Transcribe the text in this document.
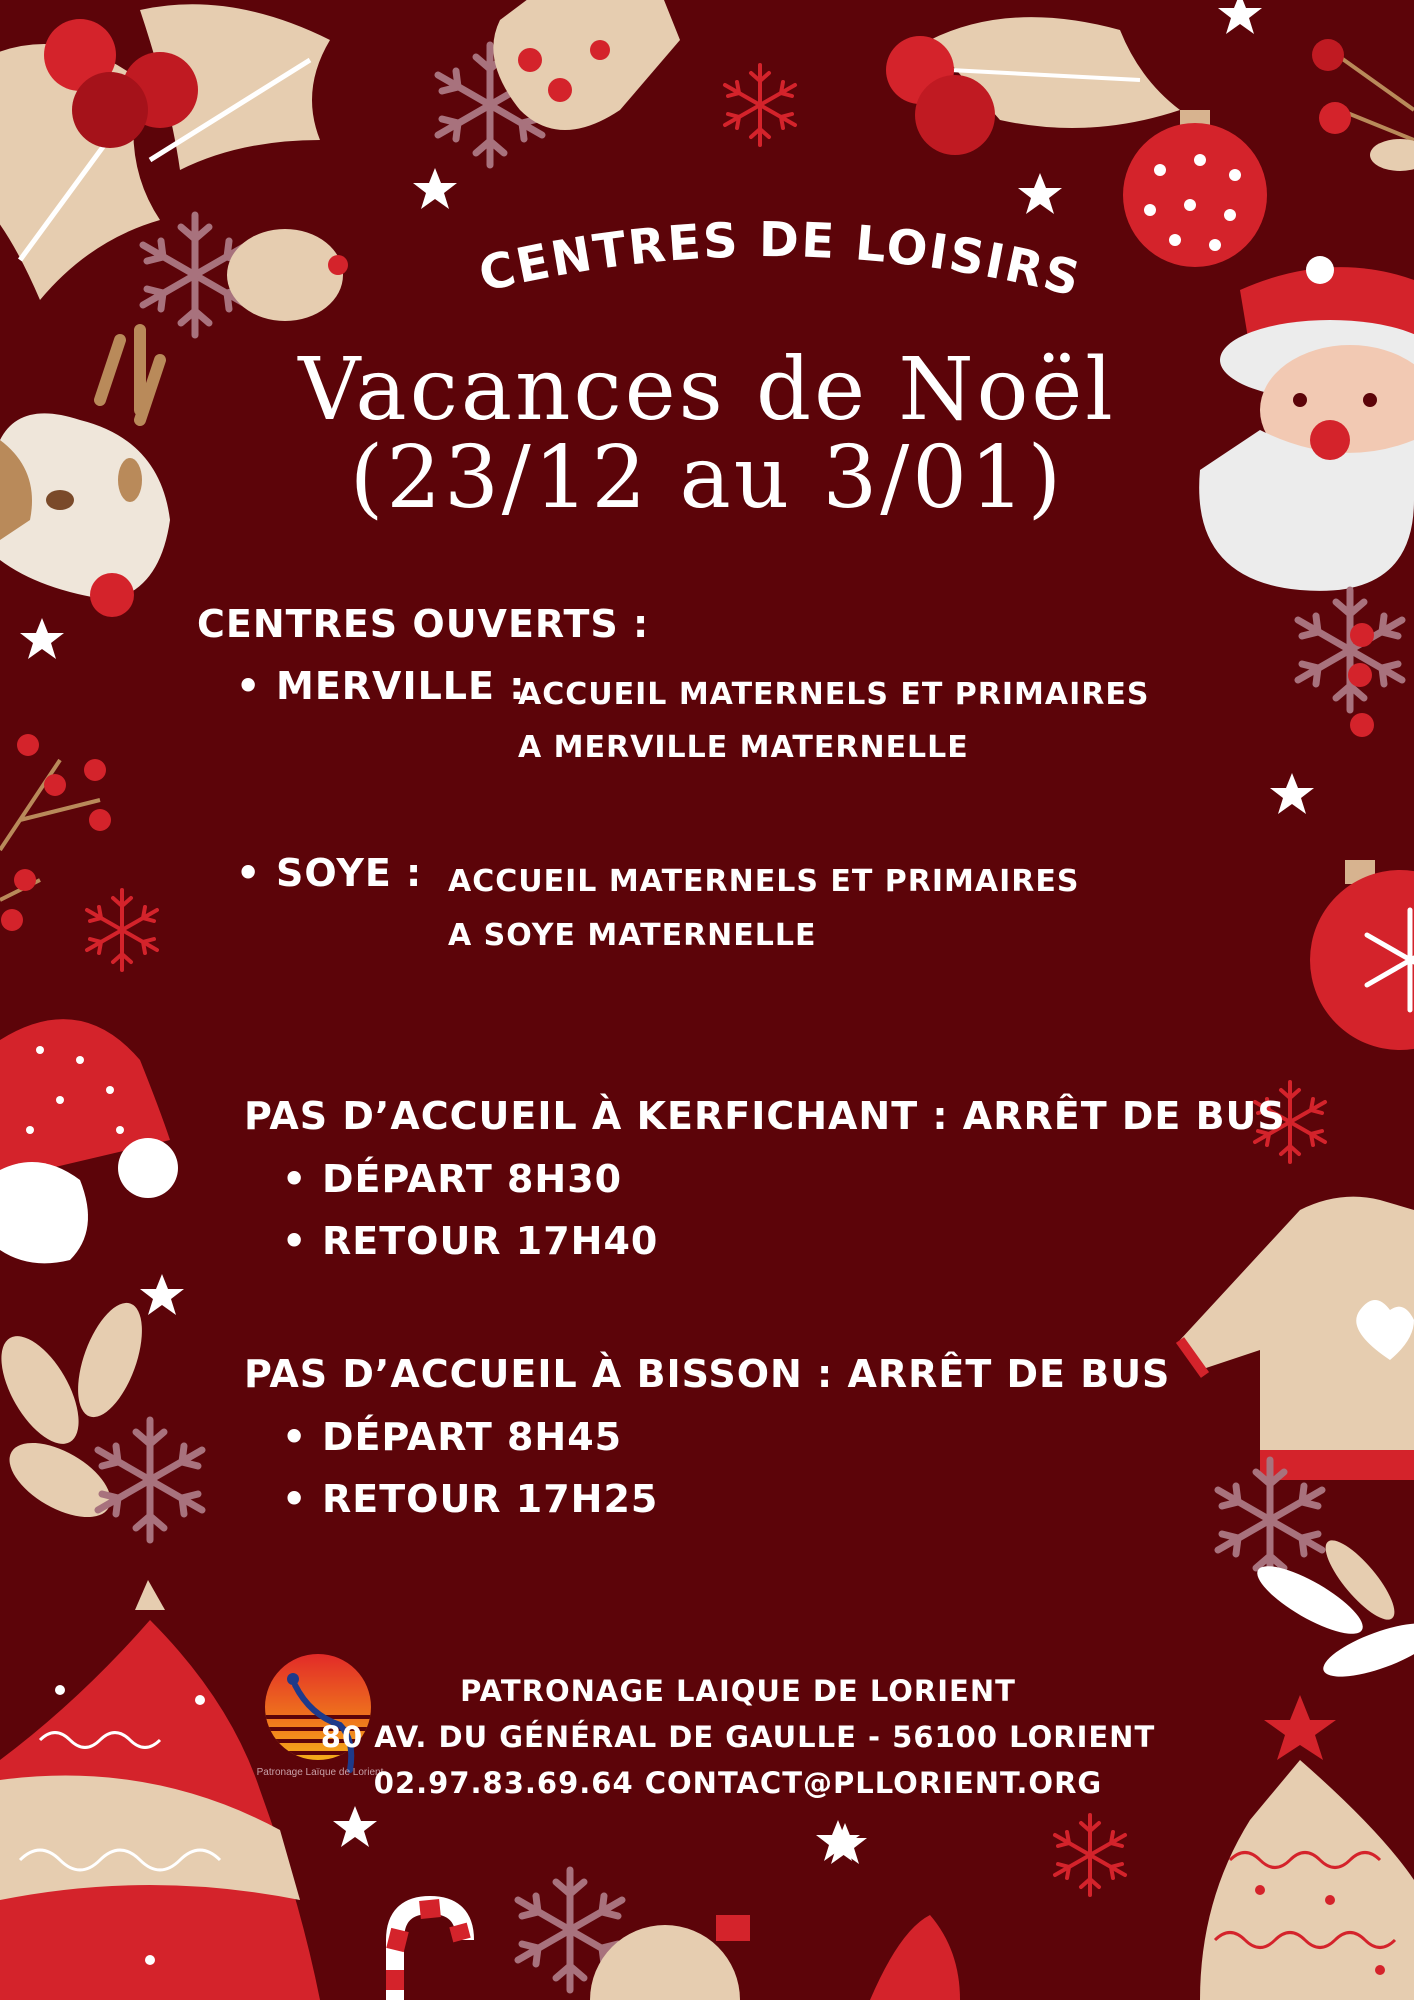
CENTRES DE LOISIRS
Vacances de Noël
(23/12 au 3/01)
CENTRES OUVERTS :
• MERVILLE :
ACCUEIL MATERNELS ET PRIMAIRES
A MERVILLE MATERNELLE
• SOYE : ACCUEIL MATERNELS ET PRIMAIRES
A SOYE MATERNELLE
PAS D’ACCUEIL À KERFICHANT : ARRÊT DE BUS
• DÉPART 8H30
• RETOUR 17H40
PAS D’ACCUEIL À BISSON : ARRÊT DE BUS
• DÉPART 8H45
• RETOUR 17H25
Patronage Laïque de Lorient
PATRONAGE LAIQUE DE LORIENT
80 AV. DU GÉNÉRAL DE GAULLE - 56100 LORIENT
02.97.83.69.64 CONTACT@PLLORIENT.ORG
